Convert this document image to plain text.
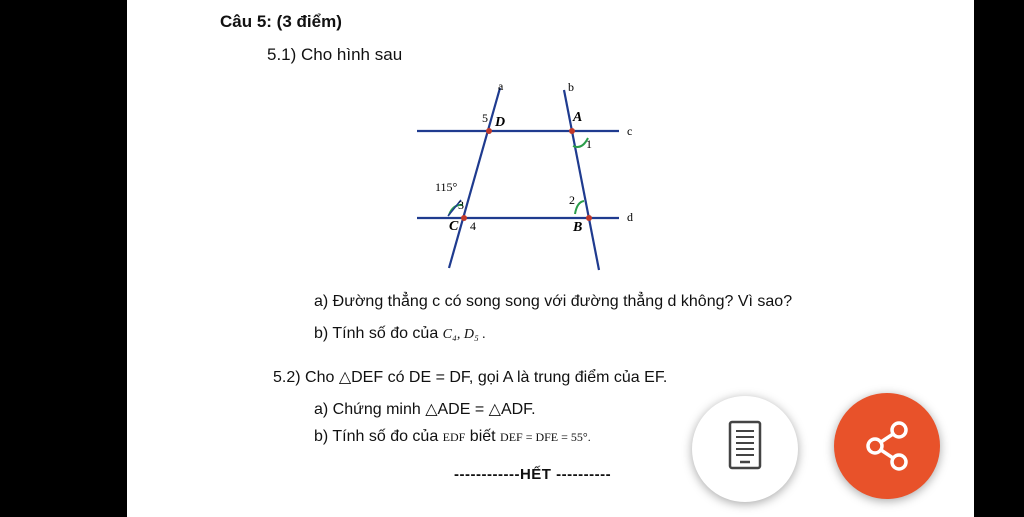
Câu 5: (3 điểm)
5.1) Cho hình sau
a	b
c
d
D	A
C	B
5
1
3
4
2
115°
a) Đường thẳng c có song song với đường thẳng d không? Vì sao?
b) Tính số đo của C₄, D₅ .
5.2) Cho △DEF có DE = DF, gọi A là trung điểm của EF.
a) Chứng minh △ADE = △ADF.
b) Tính số đo của EDF biết DEF = DFE = 55°.
------------HẾT ----------
